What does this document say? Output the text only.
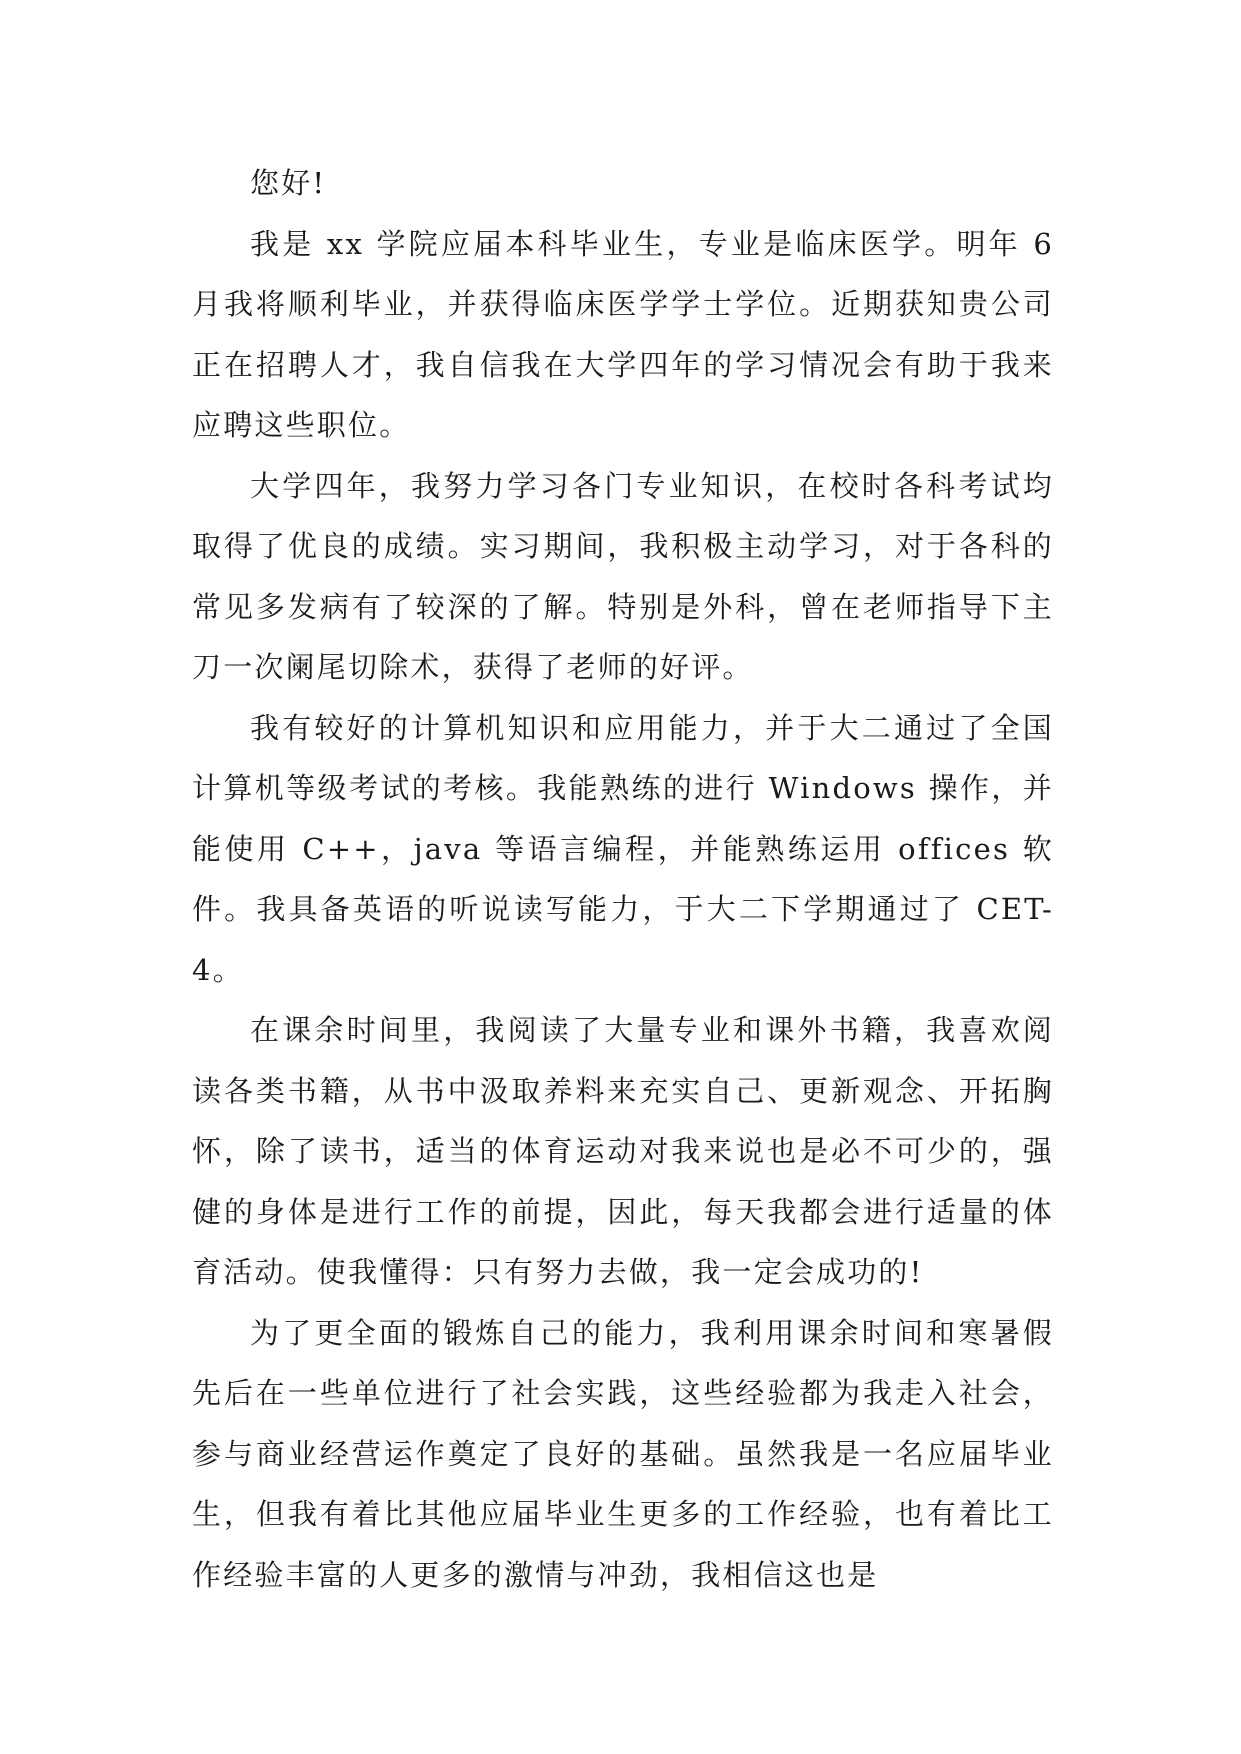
您好!

我是 xx 学院应届本科毕业生，专业是临床医学。明年 6 月我将顺利毕业，并获得临床医学学士学位。近期获知贵公司正在招聘人才，我自信我在大学四年的学习情况会有助于我来应聘这些职位。

大学四年，我努力学习各门专业知识，在校时各科考试均取得了优良的成绩。实习期间，我积极主动学习，对于各科的常见多发病有了较深的了解。特别是外科，曾在老师指导下主刀一次阑尾切除术，获得了老师的好评。

我有较好的计算机知识和应用能力，并于大二通过了全国计算机等级考试的考核。我能熟练的进行 Windows 操作，并能使用 C++，java 等语言编程，并能熟练运用 offices 软件。我具备英语的听说读写能力，于大二下学期通过了 CET-4。

在课余时间里，我阅读了大量专业和课外书籍，我喜欢阅读各类书籍，从书中汲取养料来充实自己、更新观念、开拓胸怀，除了读书，适当的体育运动对我来说也是必不可少的，强健的身体是进行工作的前提，因此，每天我都会进行适量的体育活动。使我懂得：只有努力去做，我一定会成功的!

为了更全面的锻炼自己的能力，我利用课余时间和寒暑假先后在一些单位进行了社会实践，这些经验都为我走入社会，参与商业经营运作奠定了良好的基础。虽然我是一名应届毕业生，但我有着比其他应届毕业生更多的工作经验，也有着比工作经验丰富的人更多的激情与冲劲，我相信这也是
